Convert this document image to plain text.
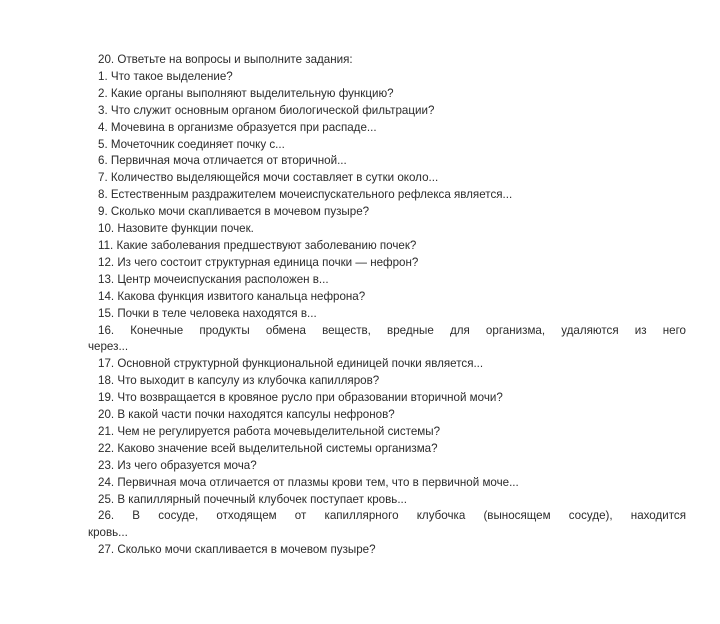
20. Ответьте на вопросы и выполните задания:
1. Что такое выделение?
2. Какие органы выполняют выделительную функцию?
3. Что служит основным органом биологической фильтрации?
4. Мочевина в организме образуется при распаде...
5. Мочеточник соединяет почку с...
6. Первичная моча отличается от вторичной...
7. Количество выделяющейся мочи составляет в сутки около...
8. Естественным раздражителем мочеиспускательного рефлекса является...
9. Сколько мочи скапливается в мочевом пузыре?
10. Назовите функции почек.
11. Какие заболевания предшествуют заболеванию почек?
12. Из чего состоит структурная единица почки — нефрон?
13. Центр мочеиспускания расположен в...
14. Какова функция извитого канальца нефрона?
15. Почки в теле человека находятся в...
16. Конечные продукты обмена веществ, вредные для организма, удаляются из него
через...
17. Основной структурной функциональной единицей почки является...
18. Что выходит в капсулу из клубочка капилляров?
19. Что возвращается в кровяное русло при образовании вторичной мочи?
20. В какой части почки находятся капсулы нефронов?
21. Чем не регулируется работа мочевыделительной системы?
22. Каково значение всей выделительной системы организма?
23. Из чего образуется моча?
24. Первичная моча отличается от плазмы крови тем, что в первичной моче...
25. В капиллярный почечный клубочек поступает кровь...
26. В сосуде, отходящем от капиллярного клубочка (выносящем сосуде), находится
кровь...
27. Сколько мочи скапливается в мочевом пузыре?
